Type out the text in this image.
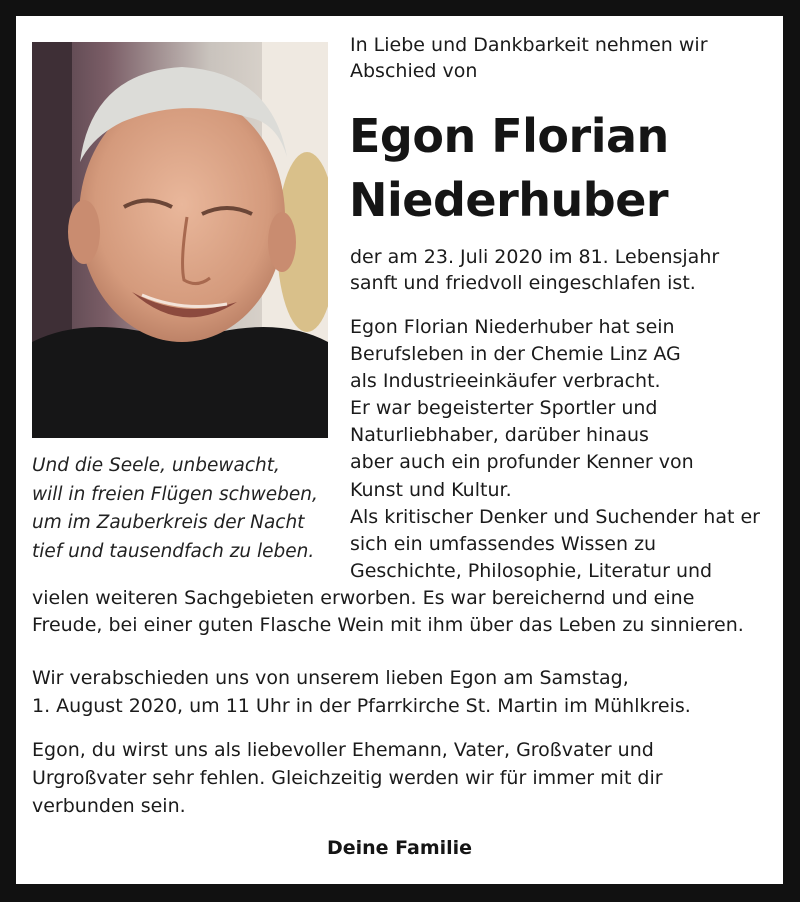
Und die Seele, unbewacht,
will in freien Flügen schweben,
um im Zauberkreis der Nacht
tief und tausendfach zu leben.
In Liebe und Dankbarkeit nehmen wir
Abschied von
Egon Florian
Niederhuber
der am 23. Juli 2020 im 81. Lebensjahr
sanft und friedvoll eingeschlafen ist.
Egon Florian Niederhuber hat sein
Berufsleben in der Chemie Linz AG
als Industrieeinkäufer verbracht.
Er war begeisterter Sportler und
Naturliebhaber, darüber hinaus
aber auch ein profunder Kenner von
Kunst und Kultur.
Als kritischer Denker und Suchender hat er
sich ein umfassendes Wissen zu
Geschichte, Philosophie, Literatur und
vielen weiteren Sachgebieten erworben. Es war bereichernd und eine
Freude, bei einer guten Flasche Wein mit ihm über das Leben zu sinnieren.
Wir verabschieden uns von unserem lieben Egon am Samstag,
1. August 2020, um 11 Uhr in der Pfarrkirche St. Martin im Mühlkreis.
Egon, du wirst uns als liebevoller Ehemann, Vater, Großvater und
Urgroßvater sehr fehlen. Gleichzeitig werden wir für immer mit dir
verbunden sein.
Deine Familie
